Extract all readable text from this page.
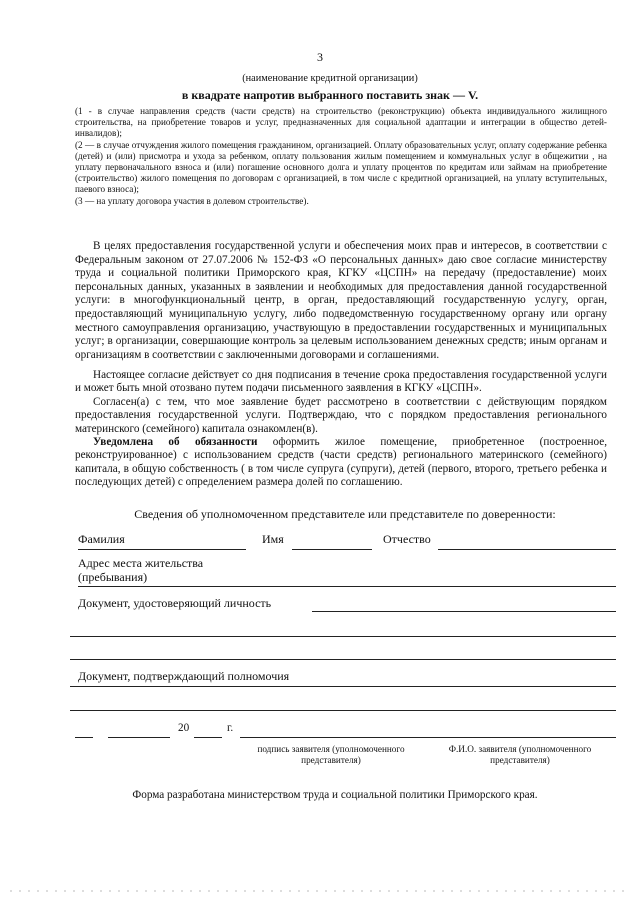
3
(наименование кредитной организации)
в квадрате напротив выбранного поставить знак — V.

(1 - в случае направления средств (части средств) на строительство (реконструкцию) объекта индивидуального жилищного строительства, на приобретение товаров и услуг, предназначенных для социальной адаптации и интеграции в общество детей-инвалидов);

(2 — в случае отчуждения жилого помещения гражданином, организацией. Оплату образовательных услуг, оплату содержание ребенка (детей) и (или) присмотра и ухода за ребенком, оплату пользования жилым помещением и коммунальных услуг в общежитии , на уплату первоначального взноса и (или) погашение основного долга и уплату процентов по кредитам или займам на приобретение (строительство) жилого помещения по договорам с организацией, в том числе с кредитной организацией, на уплату вступительных, паевого взноса);

(3 — на уплату договора участия в долевом строительстве).

В целях предоставления государственной услуги и обеспечения моих прав и интересов, в соответствии с Федеральным законом от 27.07.2006 № 152-ФЗ «О персональных данных» даю свое согласие министерству труда и социальной политики Приморского края, КГКУ «ЦСПН» на передачу (предоставление) моих персональных данных, указанных в заявлении и необходимых для предоставления данной государственной услуги: в многофункциональный центр, в орган, предоставляющий государственную услугу, орган, предоставляющий муниципальную услугу, либо подведомственную государственному органу или органу местного самоуправления организацию, участвующую в предоставлении государственных и муниципальных услуг; в организации, совершающие контроль за целевым использованием денежных средств; иным органам и организациям в соответствии с заключенными договорами и соглашениями.
Настоящее согласие действует со дня подписания в течение срока предоставления государственной услуги и может быть мной отозвано путем подачи письменного заявления в КГКУ «ЦСПН».
Согласен(а) с тем, что мое заявление будет рассмотрено в соответствии с действующим порядком предоставления государственной услуги. Подтверждаю, что с порядком предоставления регионального материнского (семейного) капитала ознакомлен(в).
Уведомлена об обязанности оформить жилое помещение, приобретенное (построенное, реконструированное) с использованием средств (части средств) регионального материнского (семейного) капитала, в общую собственность ( в том числе супруга (супруги), детей (первого, второго, третьего ребенка и последующих детей) с определением размера долей по соглашению.
Сведения об уполномоченном представителе или представителе по доверенности:
Фамилия	Имя	Отчество
Адрес места жительства (пребывания)
Документ, удостоверяющий личность
Документ, подтверждающий полномочия
20	г.
подпись заявителя (уполномоченного представителя)
Ф.И.О. заявителя (уполномоченного представителя)
Форма разработана министерством труда и социальной политики Приморского края.
